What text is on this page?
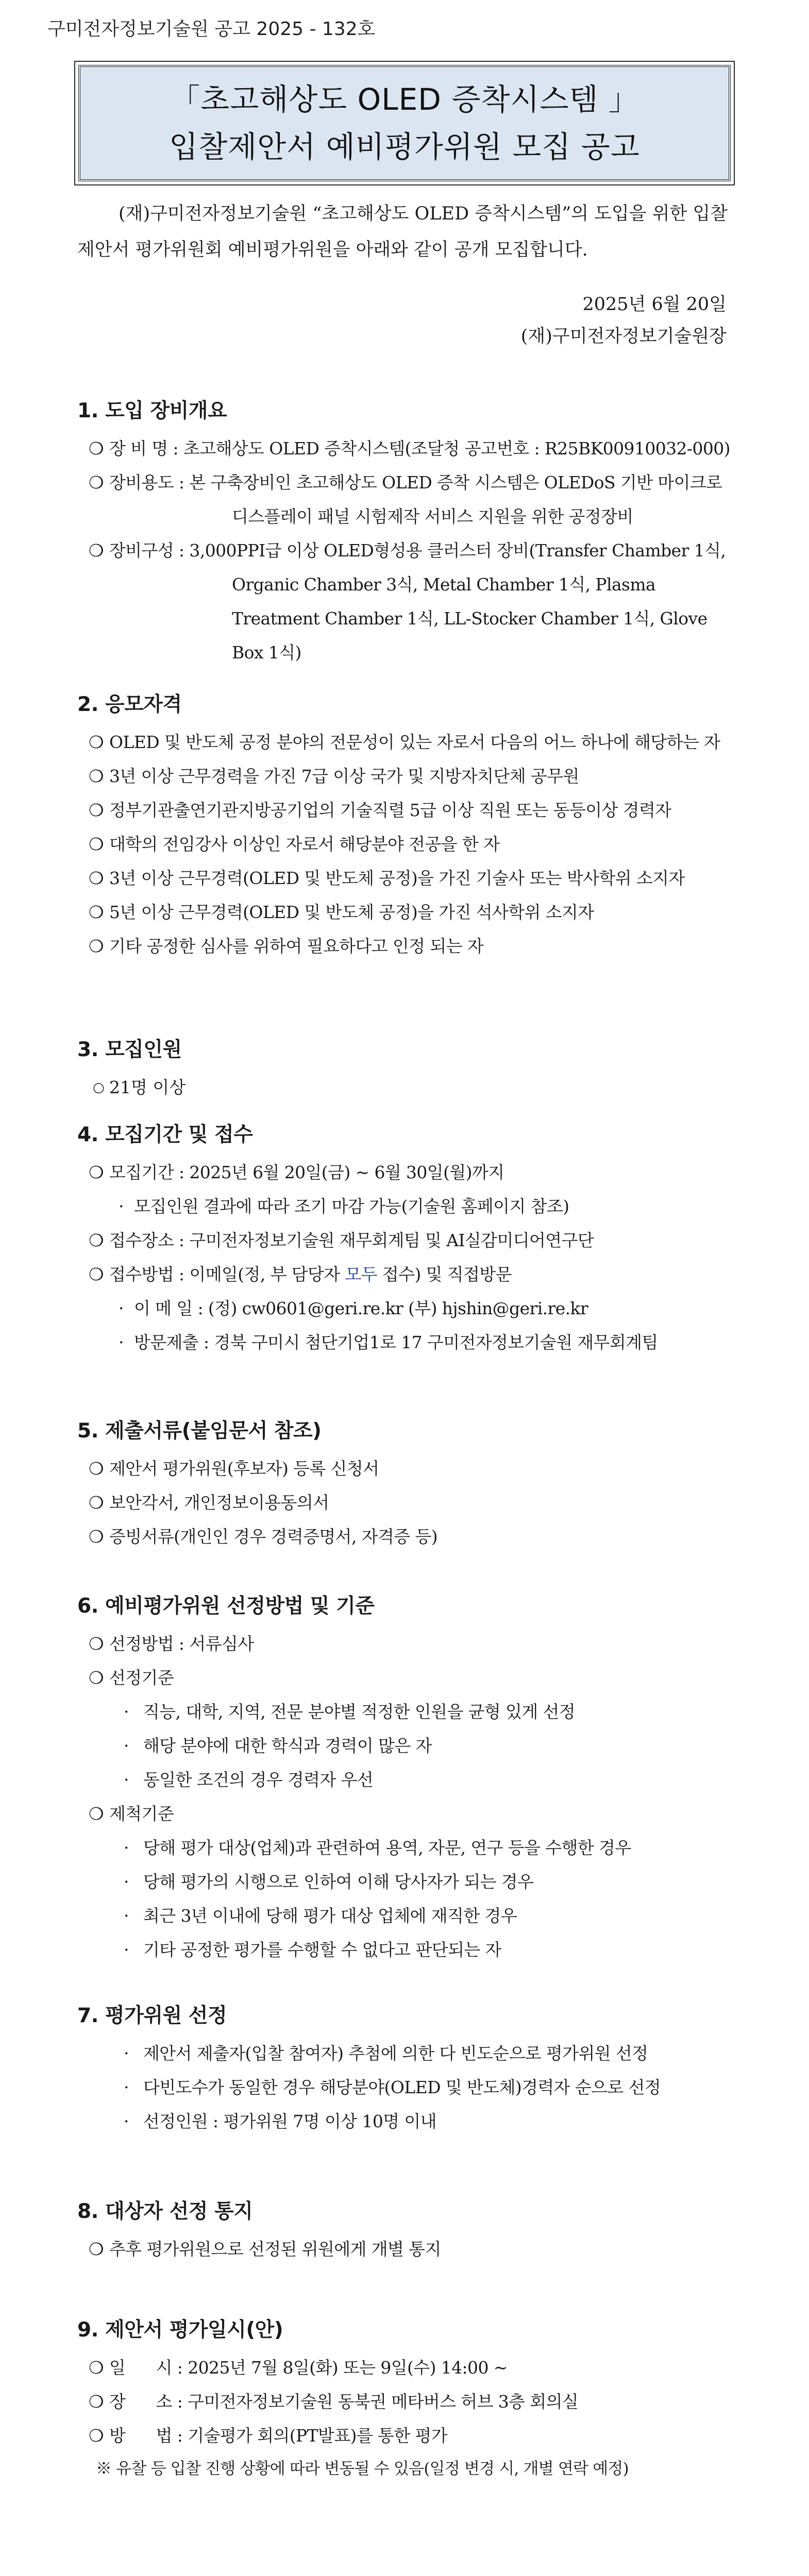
구미전자정보기술원 공고 2025 - 132호
「초고해상도 OLED 증착시스템 」
입찰제안서 예비평가위원 모집 공고

(재)구미전자정보기술원 “초고해상도 OLED 증착시스템”의 도입을 위한 입찰제안서 평가위원회 예비평가위원을 아래와 같이 공개 모집합니다.

2025년 6월 20일
(재)구미전자정보기술원장
1. 도입 장비개요
❍ 장 비 명 : 초고해상도 OLED 증착시스템(조달청 공고번호 : R25BK00910032-000)
❍ 장비용도 : 본 구축장비인 초고해상도 OLED 증착 시스템은 OLEDoS 기반 마이크로 디스플레이 패널 시험제작 서비스 지원을 위한 공정장비
❍ 장비구성 : 3,000PPI급 이상 OLED형성용 클러스터 장비(Transfer Chamber 1식, Organic Chamber 3식, Metal Chamber 1식, Plasma Treatment Chamber 1식, LL-Stocker Chamber 1식, Glove Box 1식)
2. 응모자격
❍ OLED 및 반도체 공정 분야의 전문성이 있는 자로서 다음의 어느 하나에 해당하는 자
❍ 3년 이상 근무경력을 가진 7급 이상 국가 및 지방자치단체 공무원
❍ 정부기관출연기관지방공기업의 기술직렬 5급 이상 직원 또는 동등이상 경력자
❍ 대학의 전임강사 이상인 자로서 해당분야 전공을 한 자
❍ 3년 이상 근무경력(OLED 및 반도체 공정)을 가진 기술사 또는 박사학위 소지자
❍ 5년 이상 근무경력(OLED 및 반도체 공정)을 가진 석사학위 소지자
❍ 기타 공정한 심사를 위하여 필요하다고 인정 되는 자
3. 모집인원
○ 21명 이상
4. 모집기간 및 접수
❍ 모집기간 : 2025년 6월 20일(금) ~ 6월 30일(월)까지
· 모집인원 결과에 따라 조기 마감 가능(기술원 홈페이지 참조)
❍ 접수장소 : 구미전자정보기술원 재무회계팀 및 AI실감미디어연구단
❍ 접수방법 : 이메일(정, 부 담당자 모두 접수) 및 직접방문
· 이 메 일 : (정) cw0601@geri.re.kr (부) hjshin@geri.re.kr
· 방문제출 : 경북 구미시 첨단기업1로 17 구미전자정보기술원 재무회계팀
5. 제출서류(붙임문서 참조)
❍ 제안서 평가위원(후보자) 등록 신청서
❍ 보안각서, 개인정보이용동의서
❍ 증빙서류(개인인 경우 경력증명서, 자격증 등)
6. 예비평가위원 선정방법 및 기준
❍ 선정방법 : 서류심사
❍ 선정기준
· 직능, 대학, 지역, 전문 분야별 적정한 인원을 균형 있게 선정
· 해당 분야에 대한 학식과 경력이 많은 자
· 동일한 조건의 경우 경력자 우선
❍ 제척기준
· 당해 평가 대상(업체)과 관련하여 용역, 자문, 연구 등을 수행한 경우
· 당해 평가의 시행으로 인하여 이해 당사자가 되는 경우
· 최근 3년 이내에 당해 평가 대상 업체에 재직한 경우
· 기타 공정한 평가를 수행할 수 없다고 판단되는 자
7. 평가위원 선정
· 제안서 제출자(입찰 참여자) 추첨에 의한 다 빈도순으로 평가위원 선정
· 다빈도수가 동일한 경우 해당분야(OLED 및 반도체)경력자 순으로 선정
· 선정인원 : 평가위원 7명 이상 10명 이내
8. 대상자 선정 통지
❍ 추후 평가위원으로 선정된 위원에게 개별 통지
9. 제안서 평가일시(안)
❍ 일      시 : 2025년 7월 8일(화) 또는 9일(수) 14:00 ~
❍ 장      소 : 구미전자정보기술원 동북권 메타버스 허브 3층 회의실
❍ 방      법 : 기술평가 회의(PT발표)를 통한 평가
※ 유찰 등 입찰 진행 상황에 따라 변동될 수 있음(일정 변경 시, 개별 연락 예정)
